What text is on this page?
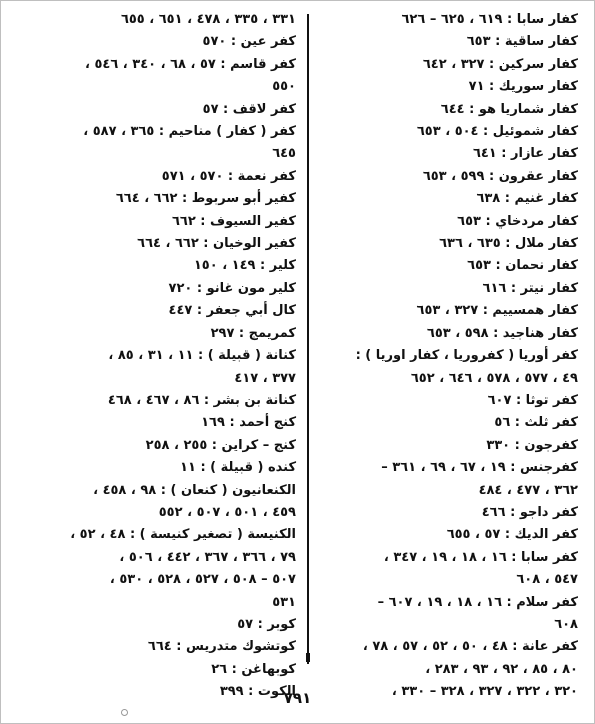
كفار سابا : ٦١٩ ، ٦٢٥ – ٦٢٦
كفار ساقية : ٦٥٣
كفار سركين : ٣٢٧ ، ٦٤٢
كفار سوريك : ٧١
كفار شماريا هو : ٦٤٤
كفار شموئيل : ٥٠٤ ، ٦٥٣
كفار عازار : ٦٤١
كفار عقرون : ٥٩٩ ، ٦٥٣
كفار غنيم : ٦٣٨
كفار مردخاي : ٦٥٣
كفار ملال : ٦٣٥ ، ٦٣٦
كفار نحمان : ٦٥٣
كفار نيتر : ٦١٦
كفار همسييم : ٣٢٧ ، ٦٥٣
كفار هناجيد : ٥٩٨ ، ٦٥٣
كفر أوريا ( كفروريا ، كفار اوريا ) :
٤٩ ، ٥٧٧ ، ٥٧٨ ، ٦٤٦ ، ٦٥٢
كفر توثا : ٦٠٧
كفر ثلث : ٥٦
كفرجون : ٣٣٠
كفرجنس : ١٩ ، ٦٧ ، ٦٩ ، ٣٦١ –
٣٦٢ ، ٤٧٧ ، ٤٨٤
كفر داجو : ٤٦٦
كفر الديك : ٥٧ ، ٦٥٥
كفر سابا : ١٦ ، ١٨ ، ١٩ ، ٣٤٧ ،
٥٤٧ ، ٦٠٨
كفر سلام : ١٦ ، ١٨ ، ١٩ ، ٦٠٧ –
٦٠٨
كفر عانة : ٤٨ ، ٥٠ ، ٥٢ ، ٥٧ ، ٧٨ ،
٨٠ ، ٨٥ ، ٩٢ ، ٩٣ ، ٢٨٣ ،
٣٢٠ ، ٣٢٢ ، ٣٢٧ ، ٣٢٨ – ٣٣٠ ،
٣٣١ ، ٣٣٥ ، ٤٧٨ ، ٦٥١ ، ٦٥٥
كفر عين : ٥٧٠
كفر قاسم : ٥٧ ، ٦٨ ، ٣٤٠ ، ٥٤٦ ،
٥٥٠
كفر لاقف : ٥٧
كفر ( كفار ) مناحيم : ٣٦٥ ، ٥٨٧ ،
٦٤٥
كفر نعمة : ٥٧٠ ، ٥٧١
كفير أبو سربوط : ٦٦٢ ، ٦٦٤
كفير السيوف : ٦٦٢
كفير الوخيان : ٦٦٢ ، ٦٦٤
كلير : ١٤٩ ، ١٥٠
كلير مون غانو : ٧٢٠
كال أبي جعفر : ٤٤٧
كمريمج : ٢٩٧
كنانة ( قبيلة ) : ١١ ، ٣١ ، ٨٥ ،
٣٧٧ ، ٤١٧
كنانة بن بشر : ٨٦ ، ٤٦٧ ، ٤٦٨
كنج أحمد : ١٦٩
كنج – كراين : ٢٥٥ ، ٢٥٨
كنده ( قبيلة ) : ١١
الكنعانيون ( كنعان ) : ٩٨ ، ٤٥٨ ،
٤٥٩ ، ٥٠١ ، ٥٠٧ ، ٥٥٢
الكنيسة ( تصغير كنيسة ) : ٤٨ ، ٥٢ ،
٧٩ ، ٣٦٦ ، ٣٦٧ ، ٤٤٢ ، ٥٠٦ ،
٥٠٧ – ٥٠٨ ، ٥٢٧ ، ٥٢٨ ، ٥٣٠ ،
٥٣١
كوبر : ٥٧
كوتشوك متدريس : ٦٦٤
كوبهاغن : ٢٦
الكوت : ٣٩٩
٧٩١
